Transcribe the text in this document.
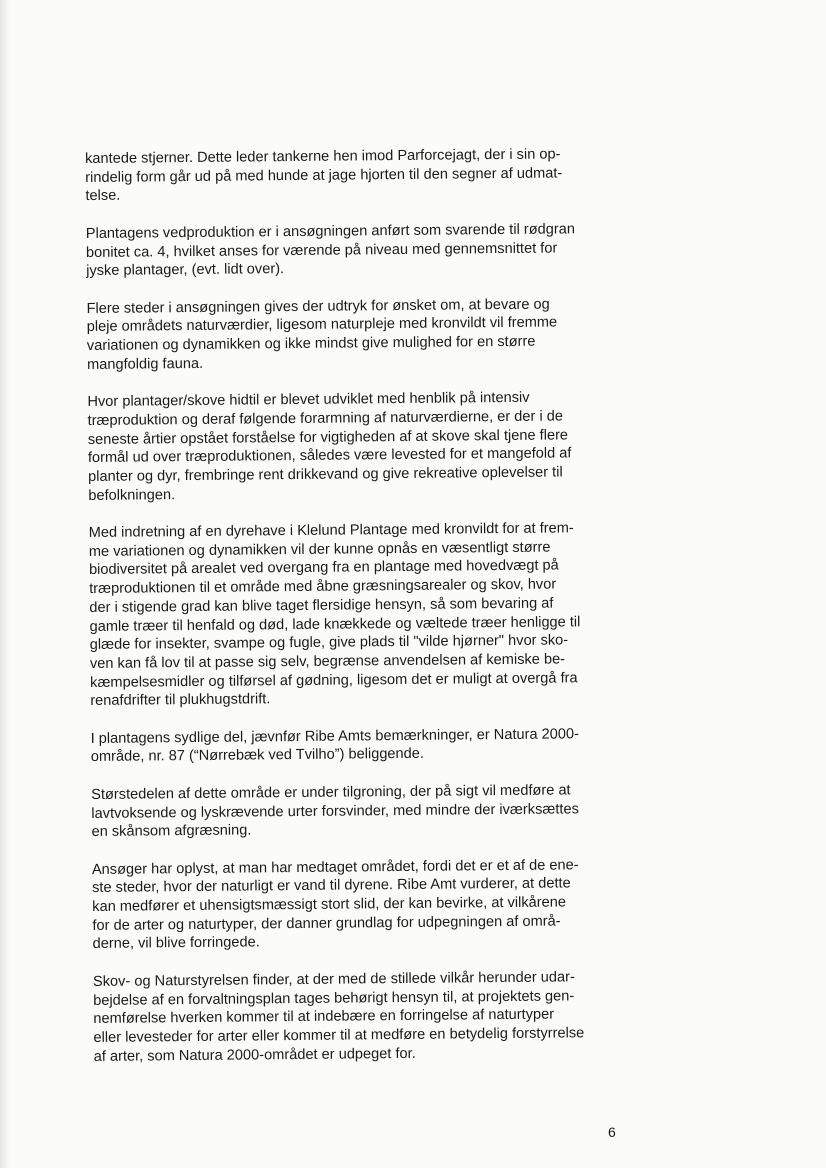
kantede stjerner. Dette leder tankerne hen imod Parforcejagt, der i sin op-
rindelig form går ud på med hunde at jage hjorten til den segner af udmat-
telse.

Plantagens vedproduktion er i ansøgningen anført som svarende til rødgran
bonitet ca. 4, hvilket anses for værende på niveau med gennemsnittet for
jyske plantager, (evt. lidt over).

Flere steder i ansøgningen gives der udtryk for ønsket om, at bevare og
pleje områdets naturværdier, ligesom naturpleje med kronvildt vil fremme
variationen og dynamikken og ikke mindst give mulighed for en større
mangfoldig fauna.

Hvor plantager/skove hidtil er blevet udviklet med henblik på intensiv
træproduktion og deraf følgende forarmning af naturværdierne, er der i de
seneste årtier opstået forståelse for vigtigheden af at skove skal tjene flere
formål ud over træproduktionen, således være levested for et mangefold af
planter og dyr, frembringe rent drikkevand og give rekreative oplevelser til
befolkningen.

Med indretning af en dyrehave i Klelund Plantage med kronvildt for at frem-
me variationen og dynamikken vil der kunne opnås en væsentligt større
biodiversitet på arealet ved overgang fra en plantage med hovedvægt på
træproduktionen til et område med åbne græsningsarealer og skov, hvor
der i stigende grad kan blive taget flersidige hensyn, så som bevaring af
gamle træer til henfald og død, lade knækkede og væltede træer henligge til
glæde for insekter, svampe og fugle, give plads til "vilde hjørner" hvor sko-
ven kan få lov til at passe sig selv, begrænse anvendelsen af kemiske be-
kæmpelsesmidler og tilførsel af gødning, ligesom det er muligt at overgå fra
renafdrifter til plukhugstdrift.

I plantagens sydlige del, jævnfør Ribe Amts bemærkninger, er Natura 2000-
område, nr. 87 (“Nørrebæk ved Tvilho”) beliggende.

Størstedelen af dette område er under tilgroning, der på sigt vil medføre at
lavtvoksende og lyskrævende urter forsvinder, med mindre der iværksættes
en skånsom afgræsning.

Ansøger har oplyst, at man har medtaget området, fordi det er et af de ene-
ste steder, hvor der naturligt er vand til dyrene. Ribe Amt vurderer, at dette
kan medfører et uhensigtsmæssigt stort slid, der kan bevirke, at vilkårene
for de arter og naturtyper, der danner grundlag for udpegningen af områ-
derne, vil blive forringede.

Skov- og Naturstyrelsen finder, at der med de stillede vilkår herunder udar-
bejdelse af en forvaltningsplan tages behørigt hensyn til, at projektets gen-
nemførelse hverken kommer til at indebære en forringelse af naturtyper
eller levesteder for arter eller kommer til at medføre en betydelig forstyrrelse
af arter, som Natura 2000-området er udpeget for.

6
